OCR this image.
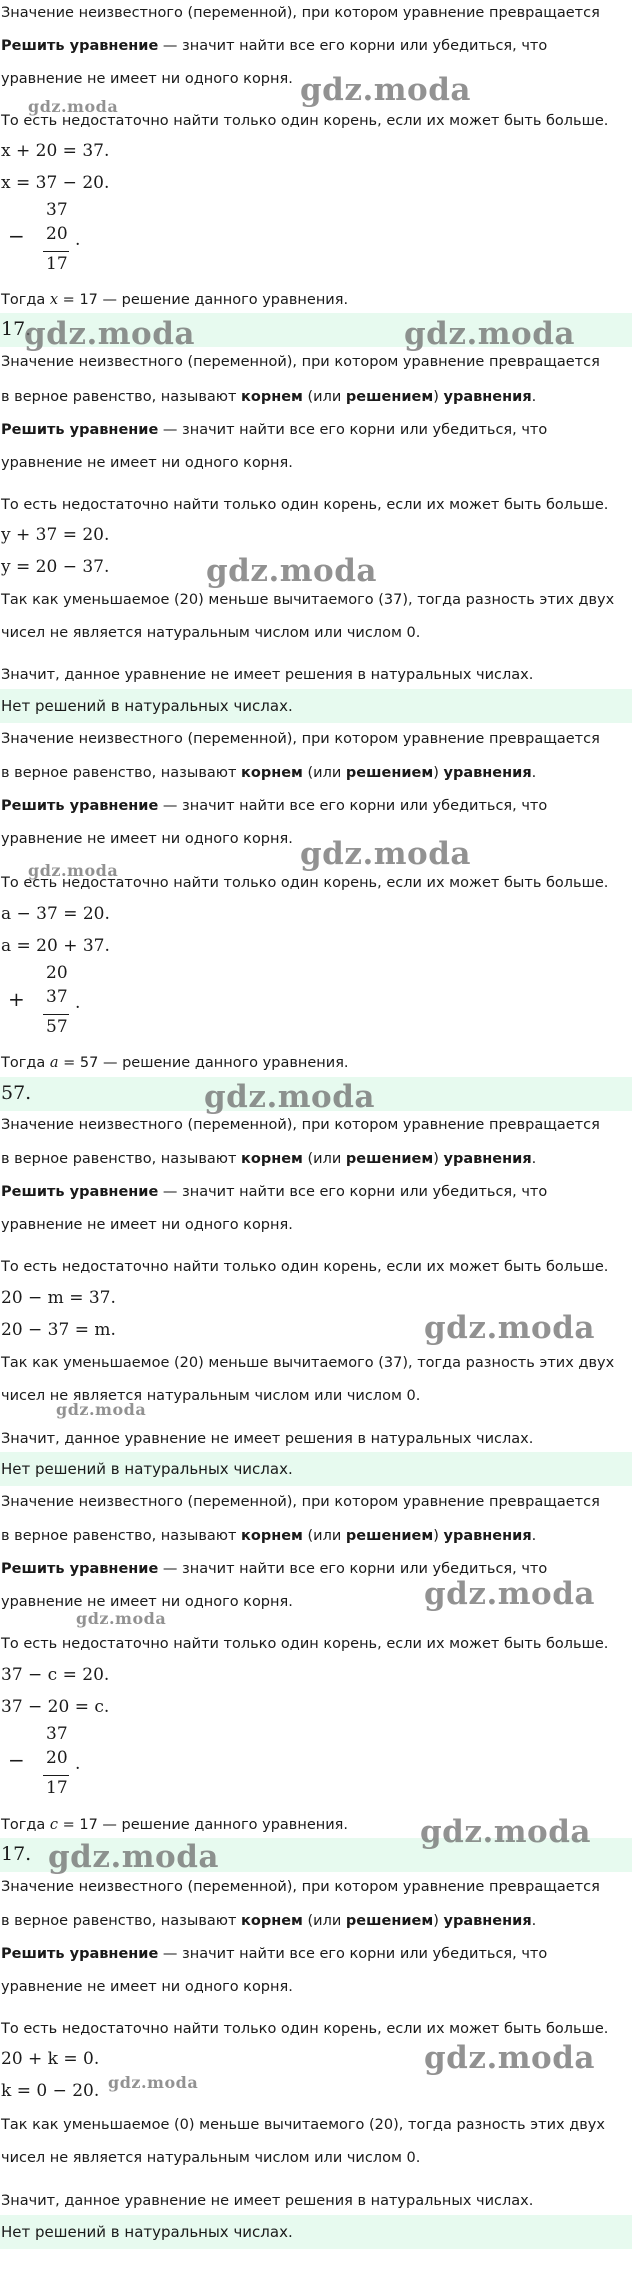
Значение неизвестного (переменной), при котором уравнение превращается
Решить уравнение — значит найти все его корни или убедиться, что
уравнение не имеет ни одного корня.
То есть недостаточно найти только один корень, если их может быть больше.
x + 20 = 37.
x = 37 − 20.
−
37
20
17
.
Тогда x = 17 — решение данного уравнения.
17.
Значение неизвестного (переменной), при котором уравнение превращается
в верное равенство, называют корнем (или решением) уравнения.
Решить уравнение — значит найти все его корни или убедиться, что
уравнение не имеет ни одного корня.
То есть недостаточно найти только один корень, если их может быть больше.
y + 37 = 20.
y = 20 − 37.
Так как уменьшаемое (20) меньше вычитаемого (37), тогда разность этих двух
чисел не является натуральным числом или числом 0.
Значит, данное уравнение не имеет решения в натуральных числах.
Нет решений в натуральных числах.
Значение неизвестного (переменной), при котором уравнение превращается
в верное равенство, называют корнем (или решением) уравнения.
Решить уравнение — значит найти все его корни или убедиться, что
уравнение не имеет ни одного корня.
То есть недостаточно найти только один корень, если их может быть больше.
a − 37 = 20.
a = 20 + 37.
+
20
37
57
.
Тогда a = 57 — решение данного уравнения.
57.
Значение неизвестного (переменной), при котором уравнение превращается
в верное равенство, называют корнем (или решением) уравнения.
Решить уравнение — значит найти все его корни или убедиться, что
уравнение не имеет ни одного корня.
То есть недостаточно найти только один корень, если их может быть больше.
20 − m = 37.
20 − 37 = m.
Так как уменьшаемое (20) меньше вычитаемого (37), тогда разность этих двух
чисел не является натуральным числом или числом 0.
Значит, данное уравнение не имеет решения в натуральных числах.
Нет решений в натуральных числах.
Значение неизвестного (переменной), при котором уравнение превращается
в верное равенство, называют корнем (или решением) уравнения.
Решить уравнение — значит найти все его корни или убедиться, что
уравнение не имеет ни одного корня.
То есть недостаточно найти только один корень, если их может быть больше.
37 − c = 20.
37 − 20 = c.
−
37
20
17
.
Тогда c = 17 — решение данного уравнения.
17.
Значение неизвестного (переменной), при котором уравнение превращается
в верное равенство, называют корнем (или решением) уравнения.
Решить уравнение — значит найти все его корни или убедиться, что
уравнение не имеет ни одного корня.
То есть недостаточно найти только один корень, если их может быть больше.
20 + k = 0.
k = 0 − 20.
Так как уменьшаемое (0) меньше вычитаемого (20), тогда разность этих двух
чисел не является натуральным числом или числом 0.
Значит, данное уравнение не имеет решения в натуральных числах.
Нет решений в натуральных числах.
gdz.moda
gdz.moda
gdz.moda	gdz.moda
gdz.moda
gdz.moda
gdz.moda
gdz.moda
gdz.moda
gdz.moda
gdz.moda
gdz.moda
gdz.moda
gdz.moda
gdz.moda
gdz.moda
